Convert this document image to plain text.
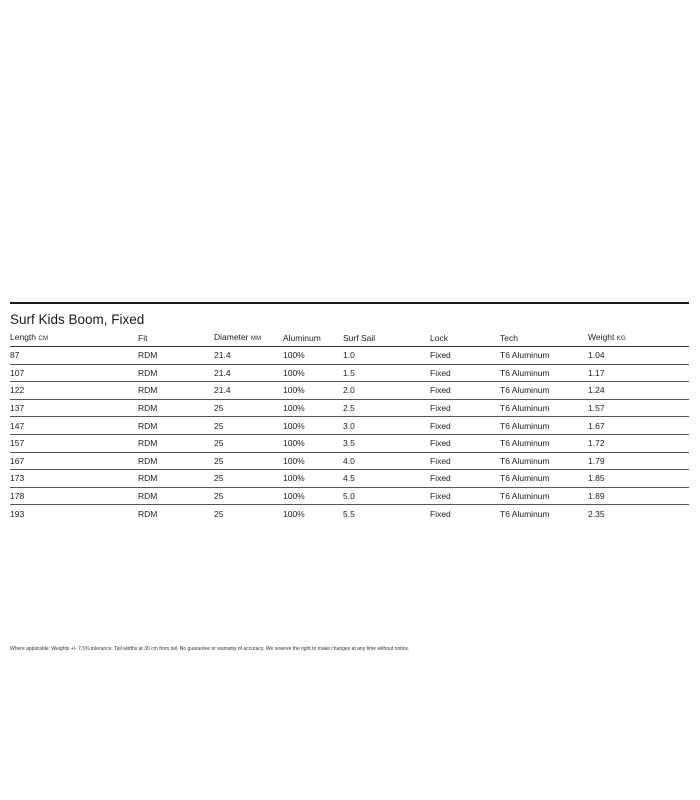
Surf Kids Boom, Fixed
Length CM	Fit	Diameter MM	Aluminum	Surf Sail	Lock	Tech	Weight KG
87	RDM	21.4	100%	1.0	Fixed	T6 Aluminum	1.04
107	RDM	21.4	100%	1.5	Fixed	T6 Aluminum	1.17
122	RDM	21.4	100%	2.0	Fixed	T6 Aluminum	1.24
137	RDM	25	100%	2.5	Fixed	T6 Aluminum	1.57
147	RDM	25	100%	3.0	Fixed	T6 Aluminum	1.67
157	RDM	25	100%	3.5	Fixed	T6 Aluminum	1.72
167	RDM	25	100%	4.0	Fixed	T6 Aluminum	1.79
173	RDM	25	100%	4.5	Fixed	T6 Aluminum	1.85
178	RDM	25	100%	5.0	Fixed	T6 Aluminum	1.89
193	RDM	25	100%	5.5	Fixed	T6 Aluminum	2.35
Where applicable: Weights +/- 7.5% tolerance. Tail widths at 30 cm from tail. No guarantee or warranty of accuracy. We reserve the right to make changes at any time without notice.
